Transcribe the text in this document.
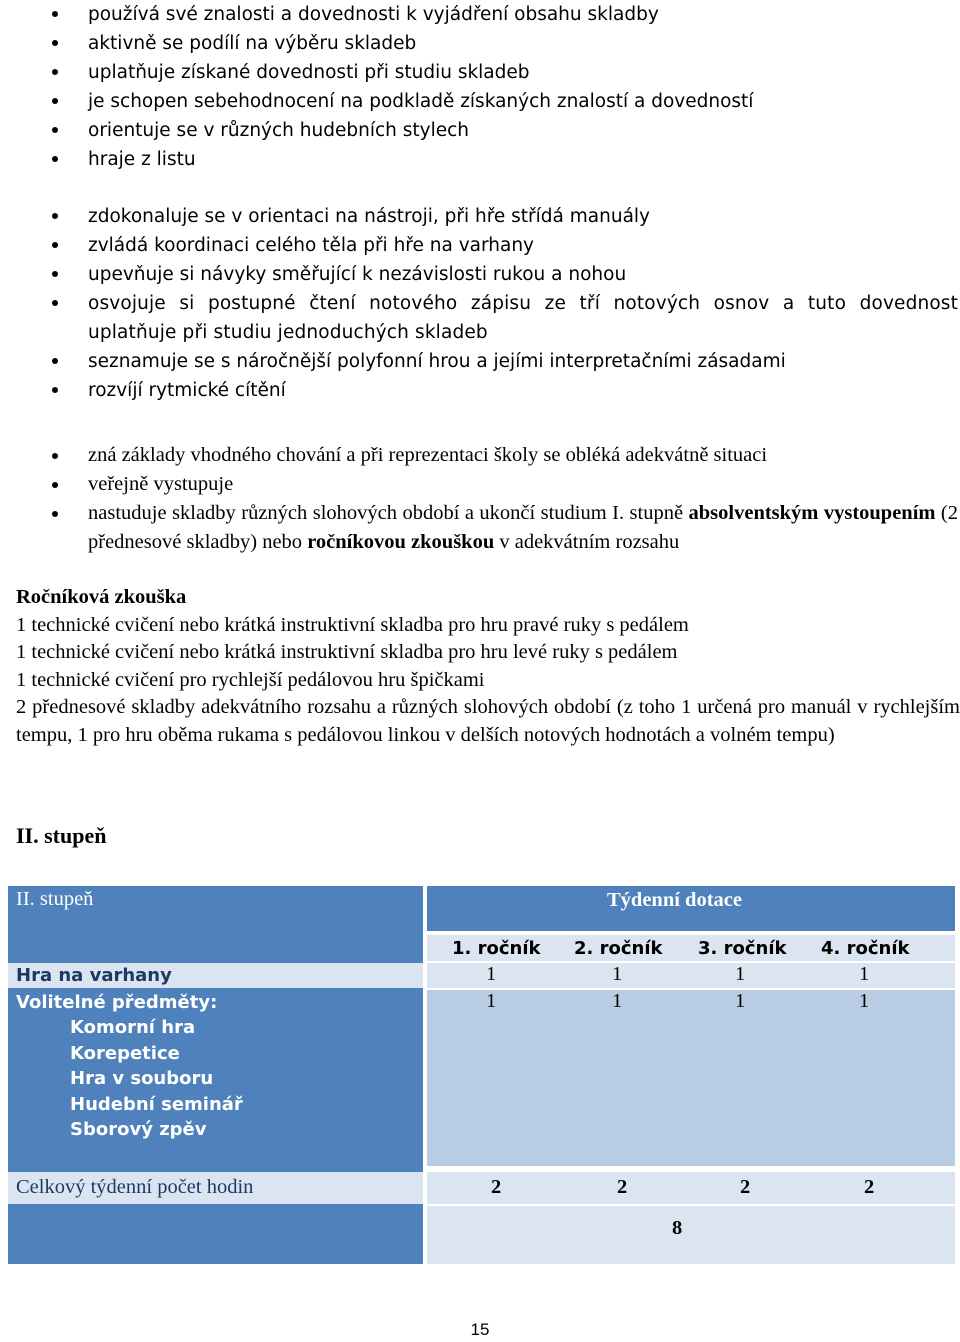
používá své znalosti a dovednosti k vyjádření obsahu skladby
aktivně se podílí na výběru skladeb
uplatňuje získané dovednosti při studiu skladeb
je schopen sebehodnocení na podkladě získaných znalostí a dovedností
orientuje se v různých hudebních stylech
hraje z listu
zdokonaluje se v orientaci na nástroji, při hře střídá manuály
zvládá koordinaci celého těla při hře na varhany
upevňuje si návyky směřující k nezávislosti rukou a nohou
osvojuje si postupné čtení notového zápisu ze tří notových osnov a tuto dovednost uplatňuje při studiu jednoduchých skladeb
seznamuje se s náročnější polyfonní hrou a jejími interpretačními zásadami
rozvíjí rytmické cítění
zná základy vhodného chování a při reprezentaci školy se obléká adekvátně situaci
veřejně vystupuje
nastuduje skladby různých slohových období a ukončí studium I. stupně absolventským vystoupením (2 přednesové skladby) nebo ročníkovou zkouškou v adekvátním rozsahu
Ročníková zkouška
1 technické cvičení nebo krátká instruktivní skladba pro hru pravé ruky s pedálem
1 technické cvičení nebo krátká instruktivní skladba pro hru levé ruky s pedálem
1 technické cvičení pro rychlejší pedálovou hru špičkami
2 přednesové skladby adekvátního rozsahu a různých slohových období (z toho 1 určená pro manuál v rychlejším tempu, 1 pro hru oběma rukama s pedálovou linkou v delších notových hodnotách a volném tempu)
II. stupeň
II. stupeň	Týdenní dotace
1. ročník 2. ročník 3. ročník 4. ročník
Hra na varhany	1	1	1	1
Volitelné předměty:	1	1	1	1
Komorní hra
Korepetice
Hra v souboru
Hudební seminář
Sborový zpěv
Celkový týdenní počet hodin	2	2	2	2
8
15
